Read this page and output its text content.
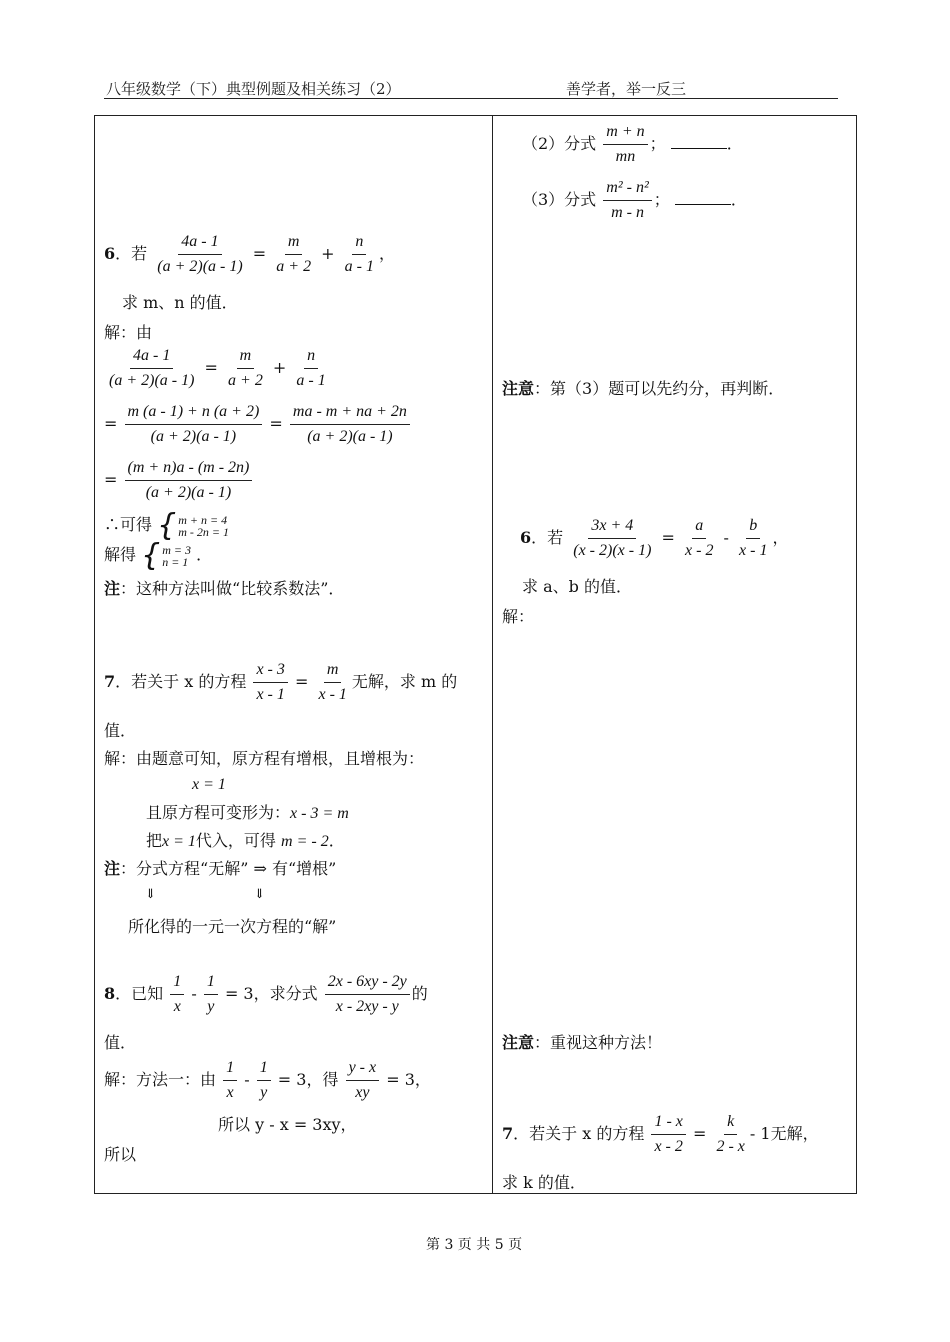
八年级数学（下）典型例题及相关练习（2）	善学者，举一反三
6．若 $\frac{4a - 1}{(a + 2)(a - 1)} = \frac{m}{a + 2} + \frac{n}{a - 1}$ ，
求 m、n 的值．
解：由
$\frac{4a - 1}{(a + 2)(a - 1)} = \frac{m}{a + 2} + \frac{n}{a - 1}$
= $\frac{m (a - 1) + n (a + 2)}{(a + 2)(a - 1)} = \frac{ma - m + na + 2n}{(a + 2)(a - 1)}$
= $\frac{(m + n)a - (m - 2n)}{(a + 2)(a - 1)}$
∴可得 { m + n = 4
m - 2n = 1
解得 { m = 3
n = 1 ．
注：这种方法叫做“比较系数法”．
7．若关于 x 的方程 $\frac{x - 3}{x - 1} = \frac{m}{x - 1}$ 无解，求 m 的
值．
解：由题意可知，原方程有增根，且增根为：
x = 1
且原方程可变形为：x - 3 = m
把x = 1代入，可得 m = - 2．
注：分式方程“无解” ⇒ 有“增根”
⇓	⇓
所化得的一元一次方程的“解”
8．已知 $\frac{1}{x} - \frac{1}{y} = 3$，求分式 $\frac{2x - 6xy - 2y}{x - 2xy - y}$ 的
值．
解：方法一：由 $\frac{1}{x} - \frac{1}{y} = 3$，得 $\frac{y - x}{xy} = 3$，
所以 y - x = 3xy，
所以
（2）分式 $\frac{m + n}{mn}$ ；	．
（3）分式 $\frac{\text{m² - n²}}{m - n}$ ；	．
注意：第（3）题可以先约分，再判断．
6．若 $\frac{3x + 4}{(x - 2)(x - 1)} = \frac{a}{x - 2} - \frac{b}{x - 1}$ ，
求 a、b 的值．
解：
注意：重视这种方法！
7．若关于 x 的方程 $\frac{1 - x}{x - 2} = \frac{k}{2 - x} - 1$无解，
求 k 的值．
第 3 页 共 5 页
